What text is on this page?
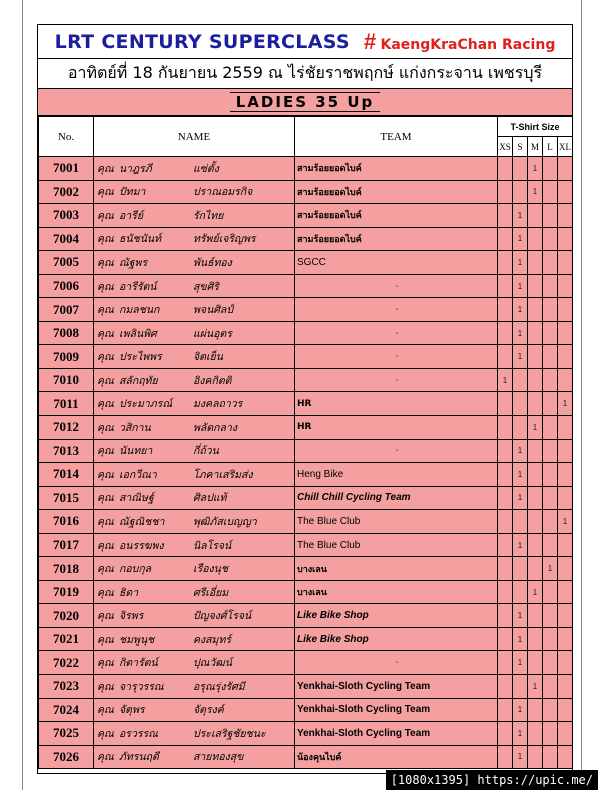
LRT CENTURY SUPERCLASS # KaengKraChan Racing
อาทิตย์ที่ 18 กันยายน 2559 ณ ไร่ชัยราชพฤกษ์ แก่งกระจาน เพชรบุรี
LADIES 35 Up
No.	NAME	TEAM	T-Shirt Size				
			XS	S	M	L	XL
7001	คุณ นาฎรภี แซ่ตั้ง	สามร้อยยอดไบค์			1		
7002	คุณ ปัทมา ปราณอมรกิจ	สามร้อยยอดไบค์			1		
7003	คุณ อารีย์ รักไทย	สามร้อยยอดไบค์		1			
7004	คุณ ธนัชนันท์ ทรัพย์เจริญพร	สามร้อยยอดไบค์		1			
7005	คุณ ณัฐพร พันธ์ทอง	SGCC		1			
7006	คุณ อารีรัตน์ สุขศิริ	-		1			
7007	คุณ กมลชนก พจนศิลป์	-		1			
7008	คุณ เพลินพิศ แผ่นอุตร	-		1			
7009	คุณ ประไพพร จิตเย็น	-		1			
7010	คุณ สลักฤทัย อิงคกิตติ	-	1				
7011	คุณ ประมาภรณ์ มงคลถาวร	HR					1
7012	คุณ วสิกาน พลัดกลาง	HR			1		
7013	คุณ นันทยา กี่ถ้วน	-		1			
7014	คุณ เอกวีณา โภคาเสริมส่ง	Heng Bike		1			
7015	คุณ สาณิษฐ์ ศิลปแท้	Chill Chill Cycling Team		1			
7016	คุณ ณัฐณิชชา พุฒิภัสเบญญา	The Blue Club					1
7017	คุณ อนรรฆพง นิลโรจน์	The Blue Club		1			
7018	คุณ กอบกุล เรืองนุช	บางเลน				1	
7019	คุณ ธิดา ศรีเอี่ยม	บางเลน			1		
7020	คุณ จิรพร ปัญจงศ์โรจน์	Like Bike Shop		1			
7021	คุณ ชมพูนุช คงสมุทร์	Like Bike Shop		1			
7022	คุณ กิตารัตน์ ปุณวัฒน์	-		1			
7023	คุณ จารุวรรณ อรุณรุ่งรัศมี	Yenkhai-Sloth Cycling Team			1		
7024	คุณ จัตุพร จัตุรงค์	Yenkhai-Sloth Cycling Team		1			
7025	คุณ อรวรรณ ประเสริฐชัยชนะ	Yenkhai-Sloth Cycling Team		1			
7026	คุณ ภัทรนฤดี สายทองสุข	น้องคุนไบค์		1			
[1080x1395] https://upic.me/
